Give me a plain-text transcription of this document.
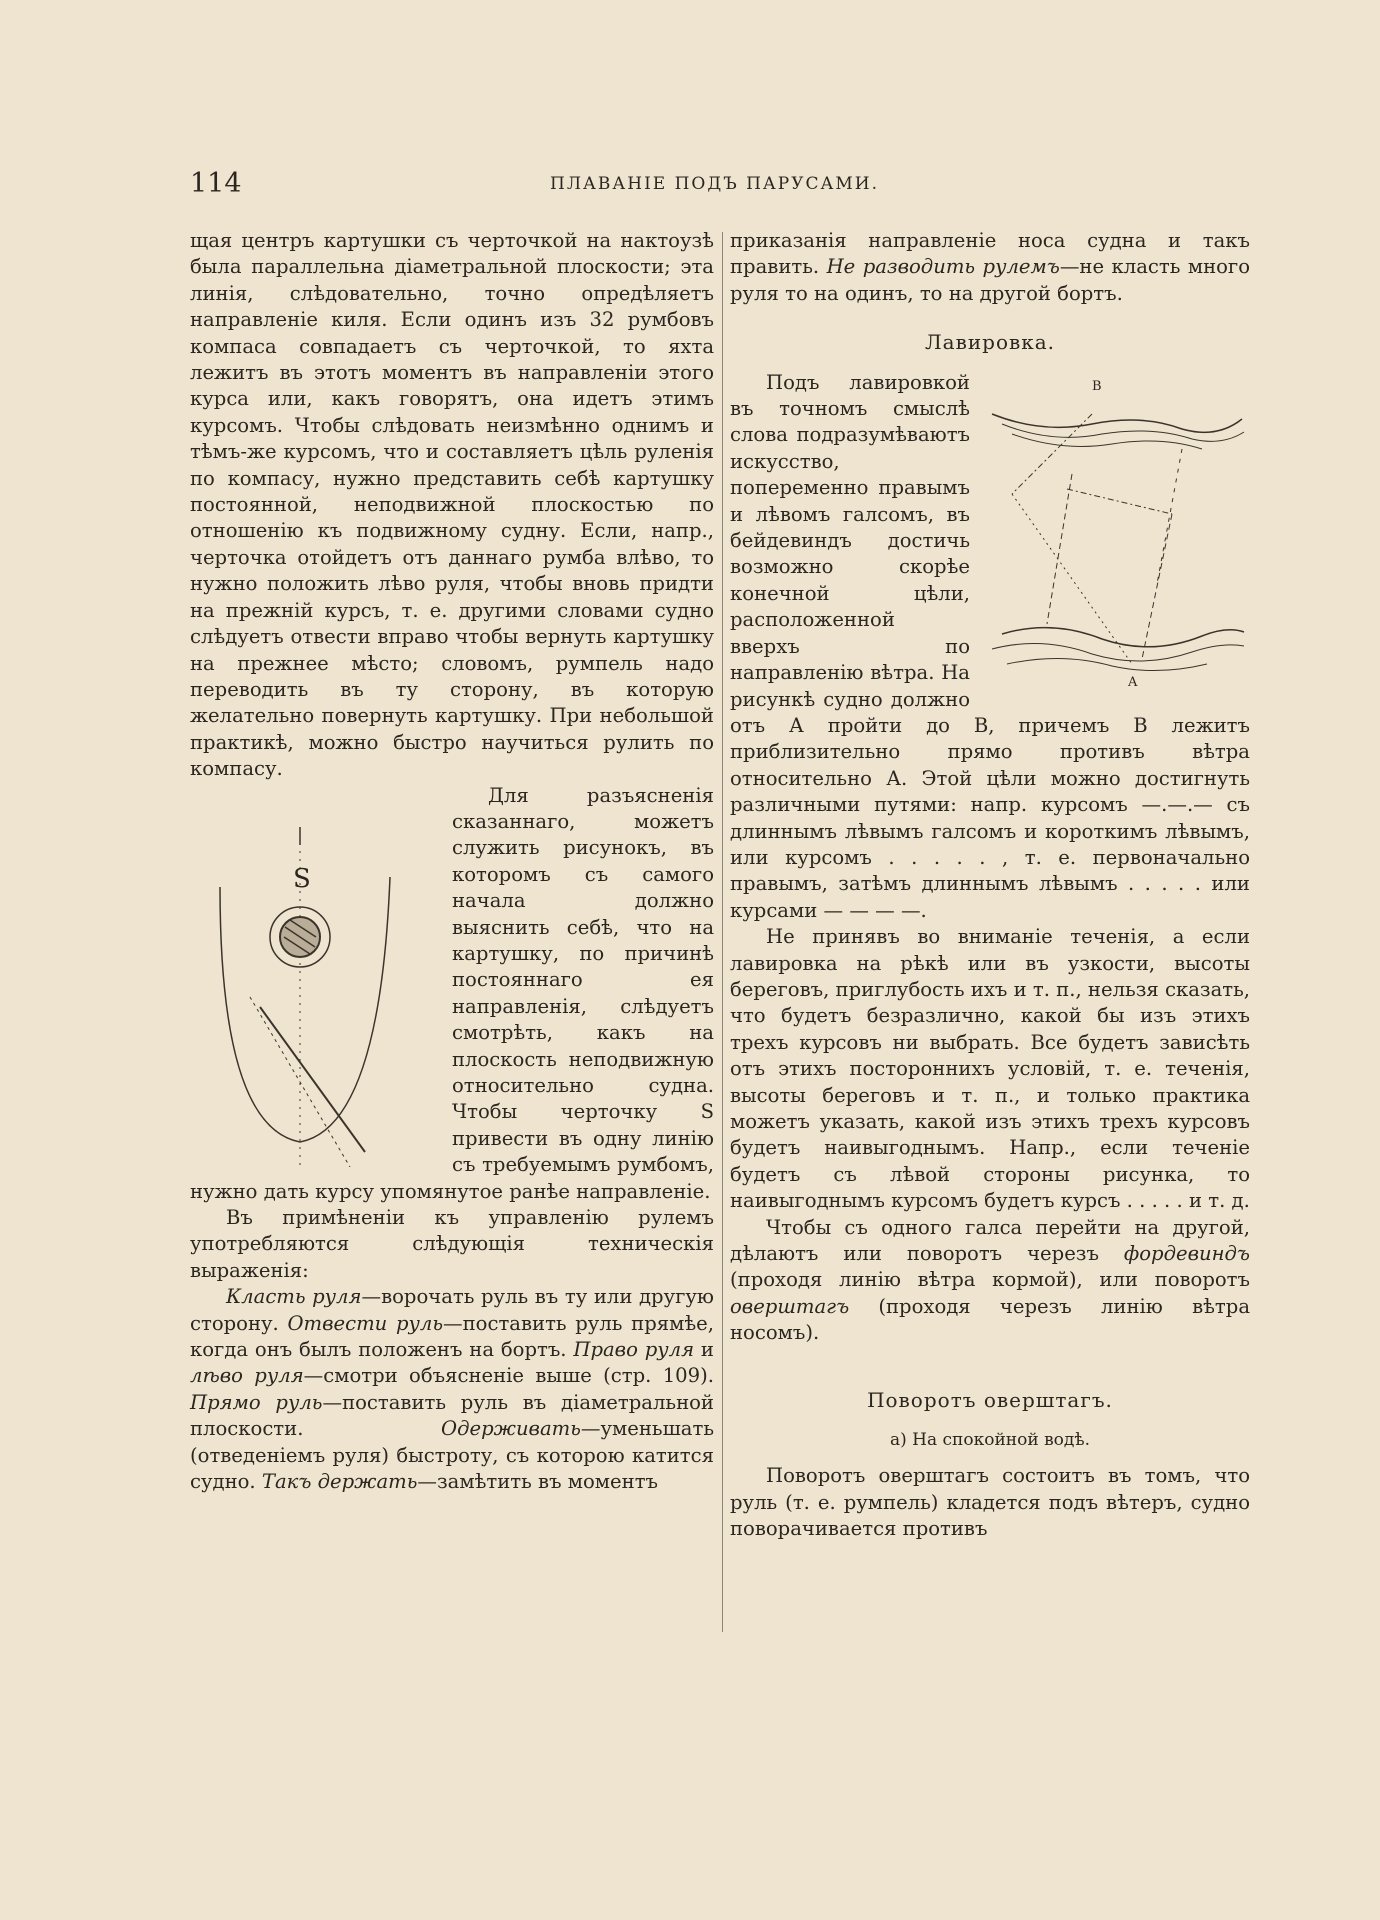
114	ПЛАВАНІЕ ПОДЪ ПАРУСАМИ.

щая центръ картушки съ черточкой на нактоузѣ была параллельна діаметральной плоскости; эта линія, слѣдовательно, точно опредѣляетъ направленіе киля. Если одинъ изъ 32 румбовъ компаса совпадаетъ съ черточкой, то яхта лежитъ въ этотъ моментъ въ направленіи этого курса или, какъ говорятъ, она идетъ этимъ курсомъ. Чтобы слѣдовать неизмѣнно однимъ и тѣмъ-же курсомъ, что и составляетъ цѣль руленія по компасу, нужно представить себѣ картушку постоянной, неподвижной плоскостью по отношенію къ подвижному судну. Если, напр., черточка отойдетъ отъ даннаго румба влѣво, то нужно положить лѣво руля, чтобы вновь придти на прежній курсъ, т. е. другими словами судно слѣдуетъ отвести вправо чтобы вернуть картушку на прежнее мѣсто; словомъ, румпель надо переводить въ ту сторону, въ которую желательно повернуть картушку. При небольшой практикѣ, можно быстро научиться рулить по компасу.

S

Для разъясненія сказаннаго, можетъ служить рисунокъ, въ которомъ съ самого начала должно выяснить себѣ, что на картушку, по причинѣ постояннаго ея направленія, слѣдуетъ смотрѣть, какъ на плоскость неподвижную относительно судна. Чтобы черточку S привести въ одну линію съ требуемымъ румбомъ, нужно дать курсу упомянутое ранѣе направленіе.

Въ примѣненіи къ управленію рулемъ употребляются слѣдующія техническія выраженія:

Класть руля—ворочать руль въ ту или другую сторону. Отвести руль—поставить руль прямѣе, когда онъ былъ положенъ на бортъ. Право руля и лѣво руля—смотри объясненіе выше (стр. 109). Прямо руль—поставить руль въ діаметральной плоскости. Одерживать—уменьшать (отведеніемъ руля) быстроту, съ которою катится судно. Такъ держать—замѣтить въ моментъ

приказанія направленіе носа судна и такъ править. Не разводить рулемъ—не класть много руля то на одинъ, то на другой бортъ.

Лавировка.

B
A

Подъ лавировкой въ точномъ смыслѣ слова подразумѣваютъ искусство, попеременно правымъ и лѣвомъ галсомъ, въ бейдевиндъ достичь возможно скорѣе конечной цѣли, расположенной вверхъ по направленію вѣтра. На рисункѣ судно должно отъ А пройти до В, причемъ В лежитъ приблизительно прямо противъ вѣтра относительно А. Этой цѣли можно достигнуть различными путями: напр. курсомъ —.—.— съ длиннымъ лѣвымъ галсомъ и короткимъ лѣвымъ, или курсомъ . . . . . , т. е. первоначально правымъ, затѣмъ длиннымъ лѣвымъ . . . . . или курсами — — — —.

Не принявъ во вниманіе теченія, а если лавировка на рѣкѣ или въ узкости, высоты береговъ, приглубость ихъ и т. п., нельзя сказать, что будетъ безразлично, какой бы изъ этихъ трехъ курсовъ ни выбрать. Все будетъ зависѣть отъ этихъ постороннихъ условій, т. е. теченія, высоты береговъ и т. п., и только практика можетъ указать, какой изъ этихъ трехъ курсовъ будетъ наивыгоднымъ. Напр., если теченіе будетъ съ лѣвой стороны рисунка, то наивыгоднымъ курсомъ будетъ курсъ . . . . . и т. д.

Чтобы съ одного галса перейти на другой, дѣлаютъ или поворотъ черезъ фордевиндъ (проходя линію вѣтра кормой), или поворотъ оверштагъ (проходя черезъ линію вѣтра носомъ).

Поворотъ оверштагъ.

а) На спокойной водѣ.

Поворотъ оверштагъ состоитъ въ томъ, что руль (т. е. румпель) кладется подъ вѣтеръ, судно поворачивается противъ
